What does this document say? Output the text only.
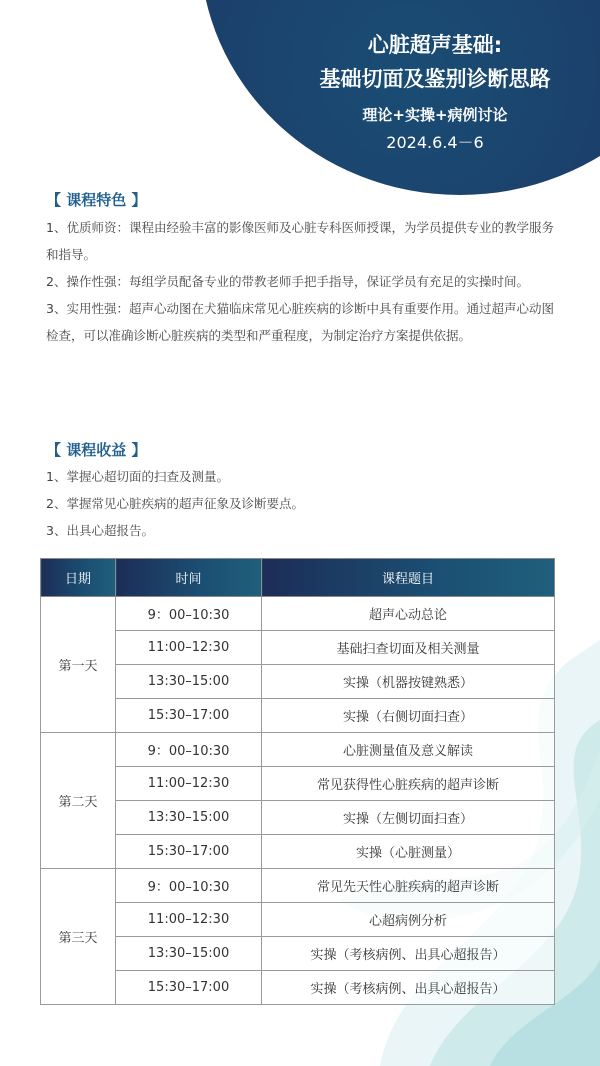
心脏超声基础:
基础切面及鉴别诊断思路
理论+实操+病例讨论
2024.6.4－6
【 课程特色 】

1、优质师资：课程由经验丰富的影像医师及心脏专科医师授课，为学员提供专业的教学服务和指导。

2、操作性强：每组学员配备专业的带教老师手把手指导，保证学员有充足的实操时间。

3、实用性强：超声心动图在犬猫临床常见心脏疾病的诊断中具有重要作用。通过超声心动图检查，可以准确诊断心脏疾病的类型和严重程度，为制定治疗方案提供依据。

【 课程收益 】

1、掌握心超切面的扫查及测量。

2、掌握常见心脏疾病的超声征象及诊断要点。

3、出具心超报告。

日期	时间	课程题目
第一天	9：00–10:30	超声心动总论
	11:00–12:30	基础扫查切面及相关测量
	13:30–15:00	实操（机器按键熟悉）
	15:30–17:00	实操（右侧切面扫查）
第二天	9：00–10:30	心脏测量值及意义解读
	11:00–12:30	常见获得性心脏疾病的超声诊断
	13:30–15:00	实操（左侧切面扫查）
	15:30–17:00	实操（心脏测量）
第三天	9：00–10:30	常见先天性心脏疾病的超声诊断
	11:00–12:30	心超病例分析
	13:30–15:00	实操（考核病例、出具心超报告）
	15:30–17:00	实操（考核病例、出具心超报告）
